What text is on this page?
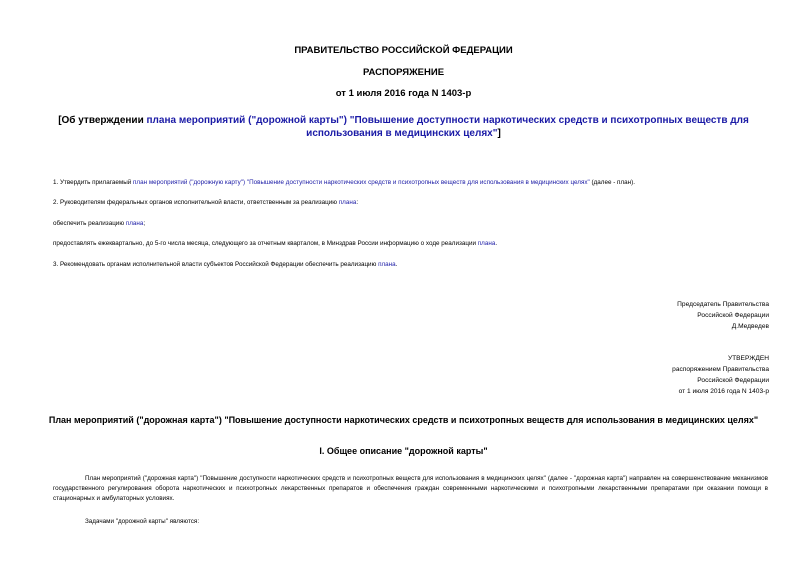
ПРАВИТЕЛЬСТВО РОССИЙСКОЙ ФЕДЕРАЦИИ
РАСПОРЯЖЕНИЕ
от 1 июля 2016 года N 1403-р
[Об утверждении плана мероприятий ("дорожной карты") "Повышение доступности наркотических средств и психотропных веществ для использования в медицинских целях"]
1. Утвердить прилагаемый план мероприятий ("дорожную карту") "Повышение доступности наркотических средств и психотропных веществ для использования в медицинских целях" (далее - план).
2. Руководителям федеральных органов исполнительной власти, ответственным за реализацию плана:
обеспечить реализацию плана;
предоставлять ежеквартально, до 5-го числа месяца, следующего за отчетным кварталом, в Минздрав России информацию о ходе реализации плана.
3. Рекомендовать органам исполнительной власти субъектов Российской Федерации обеспечить реализацию плана.
Председатель Правительства
Российской Федерации
Д.Медведев
УТВЕРЖДЕН
распоряжением Правительства
Российской Федерации
от 1 июля 2016 года N 1403-р
План мероприятий ("дорожная карта") "Повышение доступности наркотических средств и психотропных веществ для использования в медицинских целях"
I. Общее описание "дорожной карты"
План мероприятий ("дорожная карта") "Повышение доступности наркотических средств и психотропных веществ для использования в медицинских целях" (далее - "дорожная карта") направлен на совершенствование механизмов государственного регулирования оборота наркотических и психотропных лекарственных препаратов и обеспечения граждан современными наркотическими и психотропными лекарственными препаратами при оказании помощи в стационарных и амбулаторных условиях.
Задачами "дорожной карты" являются:
